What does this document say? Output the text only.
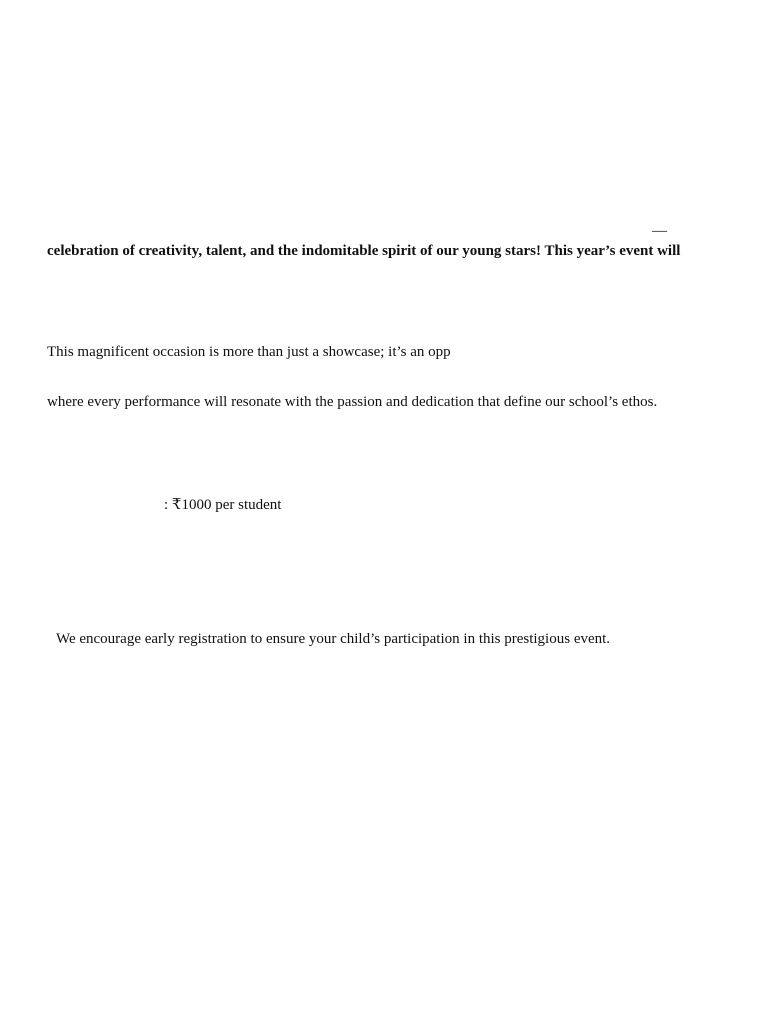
—
celebration of creativity, talent, and the indomitable spirit of our young stars! This year’s event will
This magnificent occasion is more than just a showcase; it’s an opp
where every performance will resonate with the passion and dedication that define our school’s ethos.
: ₹1000 per student
We encourage early registration to ensure your child’s participation in this prestigious event.
